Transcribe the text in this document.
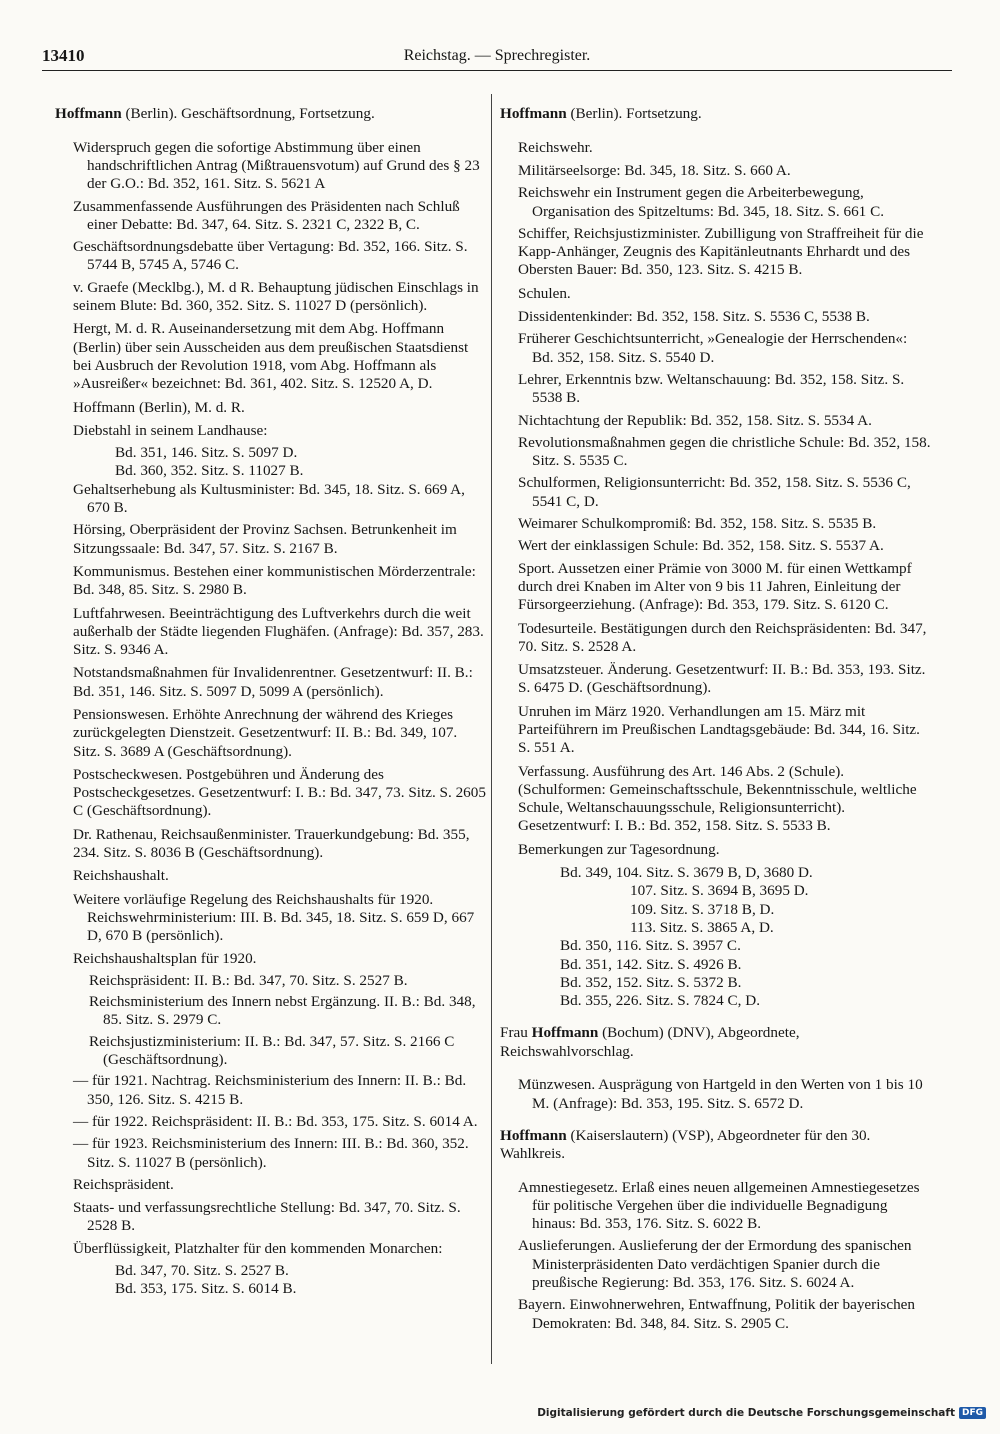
13410	Reichstag. — Sprechregister.

Hoffmann (Berlin). Geschäftsordnung, Fortsetzung.

Widerspruch gegen die sofortige Abstimmung über einen handschriftlichen Antrag (Mißtrauensvotum) auf Grund des § 23 der G.O.: Bd. 352, 161. Sitz. S. 5621 A

Zusammenfassende Ausführungen des Präsidenten nach Schluß einer Debatte: Bd. 347, 64. Sitz. S. 2321 C, 2322 B, C.

Geschäftsordnungsdebatte über Vertagung: Bd. 352, 166. Sitz. S. 5744 B, 5745 A, 5746 C.

v. Graefe (Mecklbg.), M. d R. Behauptung jüdischen Einschlags in seinem Blute: Bd. 360, 352. Sitz. S. 11027 D (persönlich).

Hergt, M. d. R. Auseinandersetzung mit dem Abg. Hoffmann (Berlin) über sein Ausscheiden aus dem preußischen Staatsdienst bei Ausbruch der Revolution 1918, vom Abg. Hoffmann als »Ausreißer« bezeichnet: Bd. 361, 402. Sitz. S. 12520 A, D.

Hoffmann (Berlin), M. d. R.

Diebstahl in seinem Landhause:

Bd. 351, 146. Sitz. S. 5097 D.

Bd. 360, 352. Sitz. S. 11027 B.

Gehaltserhebung als Kultusminister: Bd. 345, 18. Sitz. S. 669 A, 670 B.

Hörsing, Oberpräsident der Provinz Sachsen. Betrunkenheit im Sitzungssaale: Bd. 347, 57. Sitz. S. 2167 B.

Kommunismus. Bestehen einer kommunistischen Mörderzentrale: Bd. 348, 85. Sitz. S. 2980 B.

Luftfahrwesen. Beeinträchtigung des Luftverkehrs durch die weit außerhalb der Städte liegenden Flughäfen. (Anfrage): Bd. 357, 283. Sitz. S. 9346 A.

Notstandsmaßnahmen für Invalidenrentner. Gesetzentwurf: II. B.: Bd. 351, 146. Sitz. S. 5097 D, 5099 A (persönlich).

Pensionswesen. Erhöhte Anrechnung der während des Krieges zurückgelegten Dienstzeit. Gesetzentwurf: II. B.: Bd. 349, 107. Sitz. S. 3689 A (Geschäftsordnung).

Postscheckwesen. Postgebühren und Änderung des Postscheckgesetzes. Gesetzentwurf: I. B.: Bd. 347, 73. Sitz. S. 2605 C (Geschäftsordnung).

Dr. Rathenau, Reichsaußenminister. Trauerkundgebung: Bd. 355, 234. Sitz. S. 8036 B (Geschäftsordnung).

Reichshaushalt.

Weitere vorläufige Regelung des Reichshaushalts für 1920. Reichswehrministerium: III. B. Bd. 345, 18. Sitz. S. 659 D, 667 D, 670 B (persönlich).

Reichshaushaltsplan für 1920.

Reichspräsident: II. B.: Bd. 347, 70. Sitz. S. 2527 B.

Reichsministerium des Innern nebst Ergänzung. II. B.: Bd. 348, 85. Sitz. S. 2979 C.

Reichsjustizministerium: II. B.: Bd. 347, 57. Sitz. S. 2166 C (Geschäftsordnung).

— für 1921. Nachtrag. Reichsministerium des Innern: II. B.: Bd. 350, 126. Sitz. S. 4215 B.

— für 1922. Reichspräsident: II. B.: Bd. 353, 175. Sitz. S. 6014 A.

— für 1923. Reichsministerium des Innern: III. B.: Bd. 360, 352. Sitz. S. 11027 B (persönlich).

Reichspräsident.

Staats- und verfassungsrechtliche Stellung: Bd. 347, 70. Sitz. S. 2528 B.

Überflüssigkeit, Platzhalter für den kommenden Monarchen:

Bd. 347, 70. Sitz. S. 2527 B.

Bd. 353, 175. Sitz. S. 6014 B.

Hoffmann (Berlin). Fortsetzung.

Reichswehr.

Militärseelsorge: Bd. 345, 18. Sitz. S. 660 A.

Reichswehr ein Instrument gegen die Arbeiterbewegung, Organisation des Spitzeltums: Bd. 345, 18. Sitz. S. 661 C.

Schiffer, Reichsjustizminister. Zubilligung von Straffreiheit für die Kapp-Anhänger, Zeugnis des Kapitänleutnants Ehrhardt und des Obersten Bauer: Bd. 350, 123. Sitz. S. 4215 B.

Schulen.

Dissidentenkinder: Bd. 352, 158. Sitz. S. 5536 C, 5538 B.

Früherer Geschichtsunterricht, »Genealogie der Herrschenden«: Bd. 352, 158. Sitz. S. 5540 D.

Lehrer, Erkenntnis bzw. Weltanschauung: Bd. 352, 158. Sitz. S. 5538 B.

Nichtachtung der Republik: Bd. 352, 158. Sitz. S. 5534 A.

Revolutionsmaßnahmen gegen die christliche Schule: Bd. 352, 158. Sitz. S. 5535 C.

Schulformen, Religionsunterricht: Bd. 352, 158. Sitz. S. 5536 C, 5541 C, D.

Weimarer Schulkompromiß: Bd. 352, 158. Sitz. S. 5535 B.

Wert der einklassigen Schule: Bd. 352, 158. Sitz. S. 5537 A.

Sport. Aussetzen einer Prämie von 3000 M. für einen Wettkampf durch drei Knaben im Alter von 9 bis 11 Jahren, Einleitung der Fürsorgeerziehung. (Anfrage): Bd. 353, 179. Sitz. S. 6120 C.

Todesurteile. Bestätigungen durch den Reichspräsidenten: Bd. 347, 70. Sitz. S. 2528 A.

Umsatzsteuer. Änderung. Gesetzentwurf: II. B.: Bd. 353, 193. Sitz. S. 6475 D. (Geschäftsordnung).

Unruhen im März 1920. Verhandlungen am 15. März mit Parteiführern im Preußischen Landtagsgebäude: Bd. 344, 16. Sitz. S. 551 A.

Verfassung. Ausführung des Art. 146 Abs. 2 (Schule). (Schulformen: Gemeinschaftsschule, Bekenntnisschule, weltliche Schule, Weltanschauungsschule, Religionsunterricht). Gesetzentwurf: I. B.: Bd. 352, 158. Sitz. S. 5533 B.

Bemerkungen zur Tagesordnung.

Bd. 349, 104. Sitz. S. 3679 B, D, 3680 D.

107. Sitz. S. 3694 B, 3695 D.

109. Sitz. S. 3718 B, D.

113. Sitz. S. 3865 A, D.

Bd. 350, 116. Sitz. S. 3957 C.

Bd. 351, 142. Sitz. S. 4926 B.

Bd. 352, 152. Sitz. S. 5372 B.

Bd. 355, 226. Sitz. S. 7824 C, D.

Frau Hoffmann (Bochum) (DNV), Abgeordnete, Reichswahlvorschlag.

Münzwesen. Ausprägung von Hartgeld in den Werten von 1 bis 10 M. (Anfrage): Bd. 353, 195. Sitz. S. 6572 D.

Hoffmann (Kaiserslautern) (VSP), Abgeordneter für den 30. Wahlkreis.

Amnestiegesetz. Erlaß eines neuen allgemeinen Amnestiegesetzes für politische Vergehen über die individuelle Begnadigung hinaus: Bd. 353, 176. Sitz. S. 6022 B.

Auslieferungen. Auslieferung der der Ermordung des spanischen Ministerpräsidenten Dato verdächtigen Spanier durch die preußische Regierung: Bd. 353, 176. Sitz. S. 6024 A.

Bayern. Einwohnerwehren, Entwaffnung, Politik der bayerischen Demokraten: Bd. 348, 84. Sitz. S. 2905 C.

Digitalisierung gefördert durch die Deutsche Forschungsgemeinschaft DFG
